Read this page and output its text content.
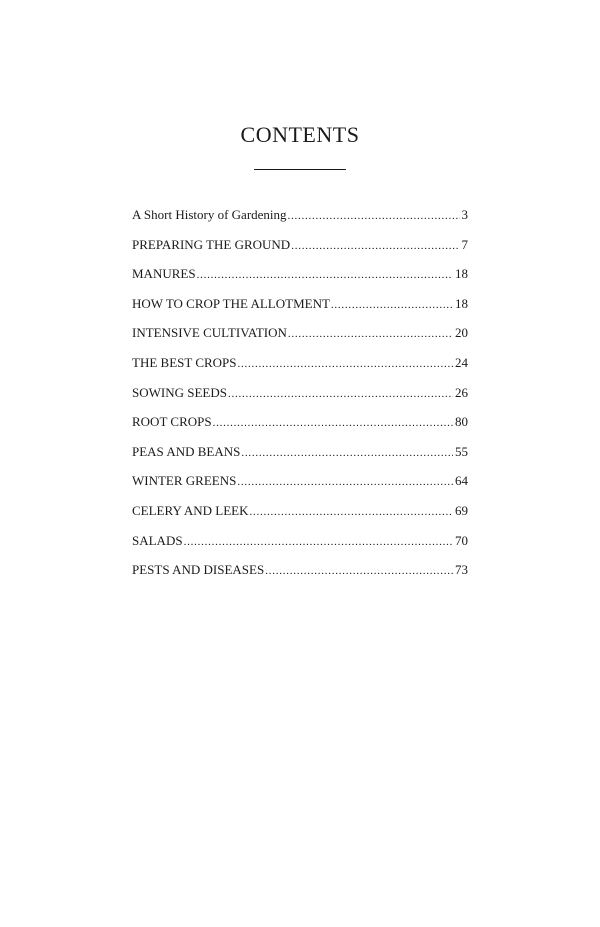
CONTENTS
A Short History of Gardening . . .	3
PREPARING THE GROUND . . .	7
MANURES . . .	18
HOW TO CROP THE ALLOTMENT . . .	18
INTENSIVE CULTIVATION . . .	20
THE BEST CROPS . . .	24
SOWING SEEDS . . .	26
ROOT CROPS . . .	80
PEAS AND BEANS . . .	55
WINTER GREENS . . .	64
CELERY AND LEEK . . .	69
SALADS . . .	70
PESTS AND DISEASES . . .	73
